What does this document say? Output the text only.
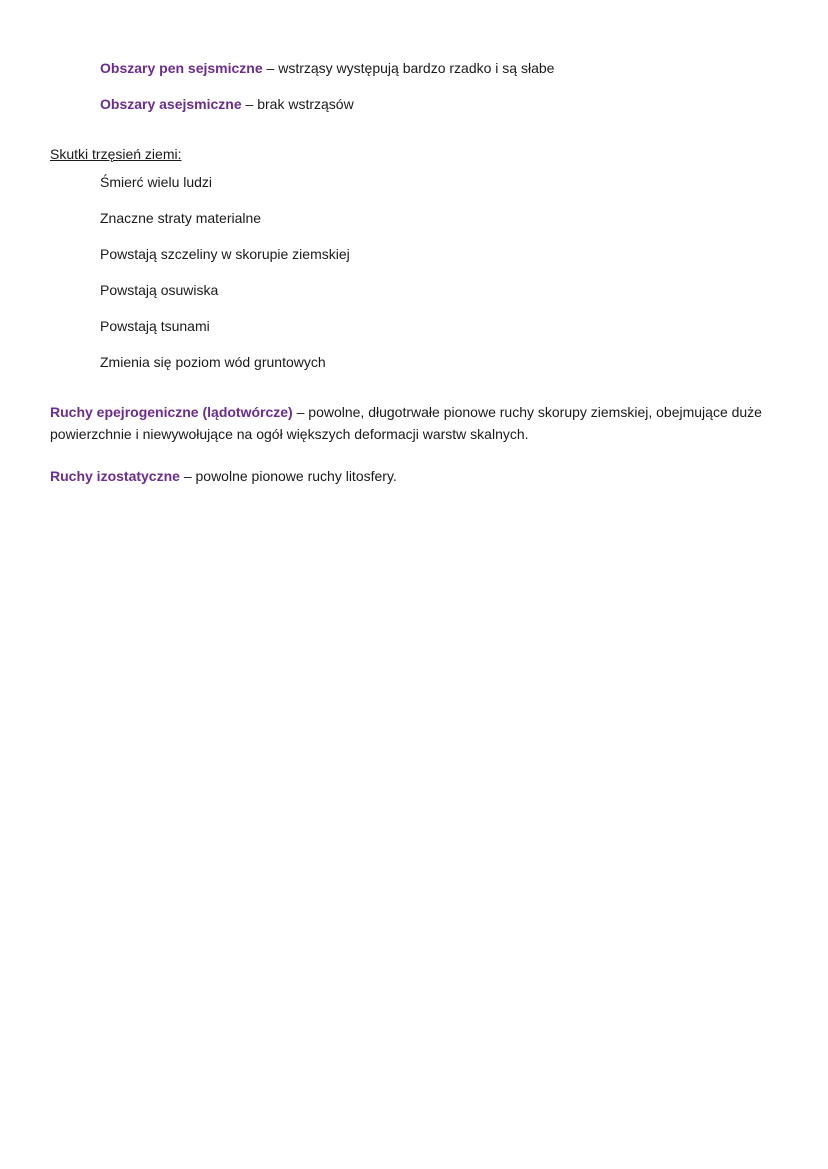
Obszary pen sejsmiczne – wstrząsy występują bardzo rzadko i są słabe
Obszary asejsmiczne – brak wstrząsów
Skutki trzęsień ziemi:
Śmierć wielu ludzi
Znaczne straty materialne
Powstają szczeliny w skorupie ziemskiej
Powstają osuwiska
Powstają tsunami
Zmienia się poziom wód gruntowych
Ruchy epejrogeniczne (lądotwórcze) – powolne, długotrwałe pionowe ruchy skorupy ziemskiej, obejmujące duże
powierzchnie i niewywołujące na ogół większych deformacji warstw skalnych.
Ruchy izostatyczne – powolne pionowe ruchy litosfery.
